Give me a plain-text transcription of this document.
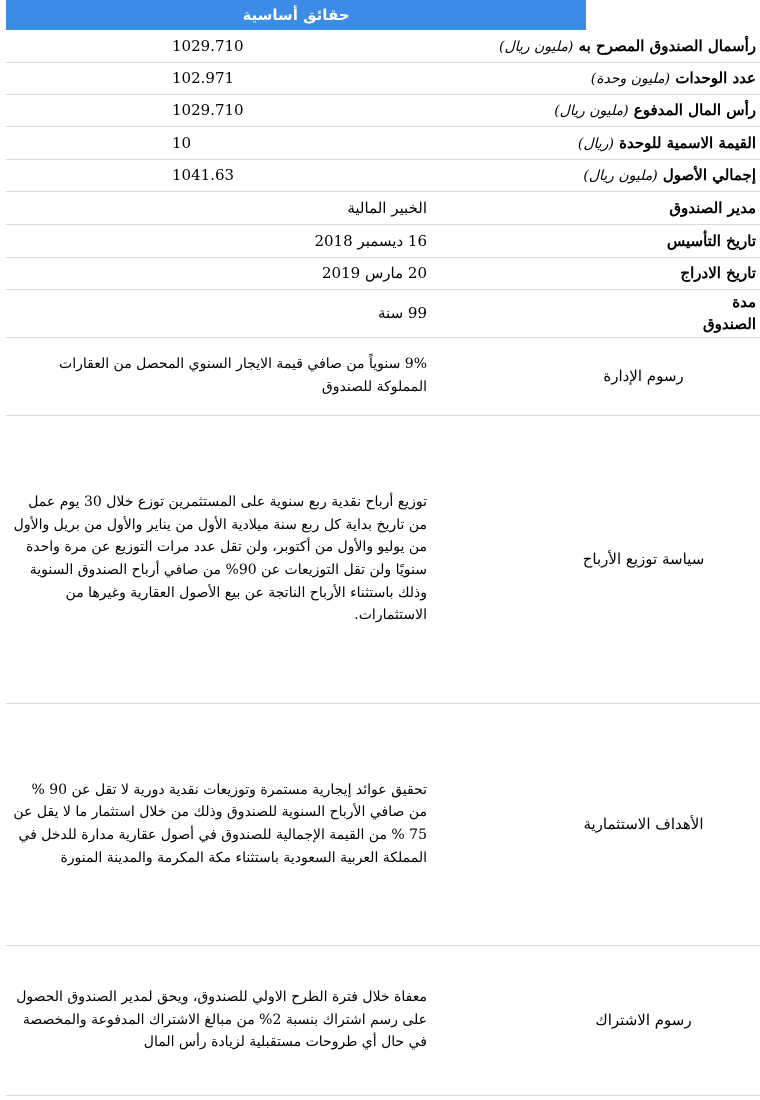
حقائق أساسية
رأسمال الصندوق المصرح به (مليون ريال)	1029.710
عدد الوحدات (مليون وحدة)	102.971
رأس المال المدفوع (مليون ريال)	1029.710
القيمة الاسمية للوحدة (ريال)	10
إجمالي الأصول (مليون ريال)	1041.63
مدير الصندوق	الخبير المالية
تاريخ التأسيس	16 ديسمبر 2018
تاريخ الادراج	20 مارس 2019
مدة الصندوق	99 سنة
رسوم الإدارة	9% سنوياً من صافي قيمة الايجار السنوي المحصل من العقارات المملوكة للصندوق
سياسة توزيع الأرباح	توزيع أرباح نقدية ربع سنوية على المستثمرين توزع خلال 30 يوم عمل من تاريخ بداية كل ربع سنة ميلادية الأول من يناير والأول من بريل والأول من يوليو والأول من أكتوبر، ولن تقل عدد مرات التوزيع عن مرة واحدة سنويًا ولن تقل التوزيعات عن 90% من صافي أرباح الصندوق السنوية وذلك باستثناء الأرباح الناتجة عن بيع الأصول العقارية وغيرها من الاستثمارات.
الأهداف الاستثمارية	تحقيق عوائد إيجارية مستمرة وتوزيعات نقدية دورية لا تقل عن 90 % من صافي الأرباح السنوية للصندوق وذلك من خلال استثمار ما لا يقل عن 75 % من القيمة الإجمالية للصندوق في أصول عقارية مدارة للدخل في المملكة العربية السعودية باستثناء مكة المكرمة والمدينة المنورة
رسوم الاشتراك	معفاة خلال فترة الطرح الاولي للصندوق، ويحق لمدير الصندوق الحصول على رسم اشتراك بنسبة 2% من مبالغ الاشتراك المدفوعة والمخصصة في حال أي طروحات مستقبلية لزيادة رأس المال
